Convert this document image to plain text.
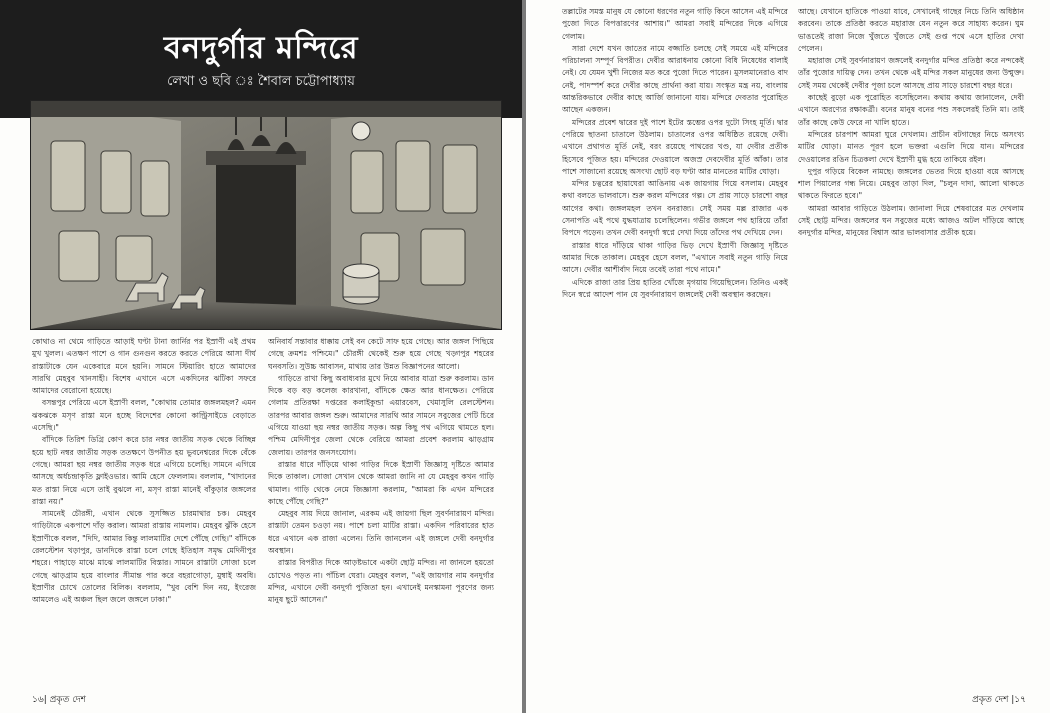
বনদুর্গার মন্দিরে
লেখা ও ছবি ঃ শৈবাল চট্টোপাধ্যায়

কোথাও না থেমে গাড়িতে আড়াই ঘণ্টা টানা জার্নির পর ইস্রাণী এই প্রথম মুখ খুলল। এতক্ষণ পাশে ও গান গুনগুন করতে করতে পেরিয়ে আসা দীর্ঘ রাস্তাটাকে যেন একেবারে মনে হয়নি। সামনে স্টিয়ারিং হাতে আমাদের সারথি মেহবুব খানসাহী। বিশেষ এখানে এসে একদিনের ঝটিকা সফরে আমাদের বেরোনো হয়েছে।

বসন্তপুর পেরিয়ে এসে ইস্রাণী বলল, "কোথায় তোমার জঙ্গলমহল? এমন ঝকঝকে মসৃণ রাস্তা মনে হচ্ছে বিদেশের কোনো কান্ট্রিসাইডে বেড়াতে এসেছি।"

বাঁদিকে তিরিশ ডিগ্রি কোণ করে চার নম্বর জাতীয় সড়ক থেকে বিচ্ছিন্ন হয়ে ছাট নম্বর জাতীয় সড়ক ততক্ষণে উপনীত হয় ভুবনেশ্বরের দিকে বেঁকে গেছে। আমরা ছয় নম্বর জাতীয় সড়ক ধরে এগিয়ে চলেছি। সামনে এগিয়ে আসছে অর্ধচন্দ্রাকৃতি ফ্লাইওভার। আমি হেসে ফেললাম। বললাম, "খাদানের মত রাস্তা নিয়ে এসে তাই বুঝলে না, মসৃণ রাস্তা মানেই বাঁকুড়ার জঙ্গলের রাস্তা নয়।"

সামনেই চৌরঙ্গী, এখান থেকে সুসজ্জিত চারমাথার চক। মেহবুব গাড়িটাকে একপাশে দাঁড় করাল। আমরা রাস্তায় নামলাম। মেহবুব ঝুঁকি হেসে ইস্রাণীকে বলল, "দিদি, আমার কিন্তু লালমাটির দেশে পৌঁছে গেছি।" বাঁদিকে রেলস্টেশন খড়াপুর, ডানদিকে রাস্তা চলে গেছে ইতিহাস সমৃদ্ধ মেদিনীপুর শহরে। পাহাড়ে মাঝে মাঝে লালমাটির বিস্তার। সামনে রাস্তাটা সোজা চলে গেছে ঝাড়গ্রাম হয়ে বাংলার সীমান্ত পার করে বহরাগোড়া, মুম্বাই অবধি। ইস্রাণীর চোখে তোলের বিলিক। বললাম, "খুব বেশি দিন নয়, ইংরেজ আমলেও এই অঞ্চল ছিল জলে জঙ্গলে ঢাকা।"

অনিবার্য সন্তাবার ধাক্কায় সেই বন কেটে সাফ হয়ে গেছে। আর জঙ্গল পিছিয়ে গেছে ক্রমশঃ পশ্চিমে।" চৌরঙ্গী থেকেই শুরু হয়ে গেছে খড়্গপুর শহরের ঘনবসতি। সুউচ্চ আবাসন, মাথায় তার উন্নত বিজ্ঞাপনের আলো।

গাড়িতে রাখা কিছু অবাধ্যবার মুখে নিয়ে আবার যাত্রা শুরু করলাম। ডান দিকে বড় বড় কলেজ কারখানা, বাঁদিকে ক্ষেত আর ধানক্ষেত। পেরিয়ে গেলাম প্রতিরক্ষা দপ্তরের কলাইকুন্ডা এয়ারবেস, খেমাসুলি রেলস্টেশন। তারপর আবার জঙ্গল শুরু। আমাদের সারথি আর সামনে সবুজের পেটি চিরে এগিয়ে যাওয়া ছয় নম্বর জাতীয় সড়ক। অল্প কিছু পথ এগিয়ে থামতে হল। পশ্চিম মেদিনীপুর জেলা থেকে বেরিয়ে আমরা প্রবেশ করলাম ঝাড়গ্রাম জেলায়। তারপর জনসংযোগ।

রাস্তার ধারে দাঁড়িয়ে থাকা গাড়ির দিকে ইস্রাণী জিজ্ঞাসু দৃষ্টিতে আমার দিকে তাকাল। সোজা সেখান থেকে আমরা জানি না যে মেহবুব কখন গাড়ি থামাল। গাড়ি থেকে নেমে জিজ্ঞাসা করলাম, "আমরা কি এখন মন্দিরের কাছে পৌঁছে গেছি?"

মেহবুব সায় দিয়ে জানাল, এরকম এই জায়গা ছিল সুবর্ণনারায়ণ মন্দির। রাস্তাটা তেমন চওড়া নয়। পাশে চলা মাটির রাস্তা। একদিন পরিবারের হাত ধরে এখানে এক রাজা এলেন। তিনি জানলেন এই জঙ্গলে দেবী বনদুর্গার অবস্থান।

রাস্তার বিপরীত দিকে আড়ষ্টভাবে একটা ছোট্ট মন্দির। না জানলে হয়তো চোখেও পড়ত না। পাঁচিল ঘেরা। মেহবুব বলল, "এই জায়গার নাম বনদুর্গার মন্দির, এখানে দেবী বনদুর্গা পুজিতা হন। এখানেই মনস্কামনা পূরণের জন্য মানুষ ছুটে আসেন।"

১৬| প্রকৃত দেশ

তল্লাটের সমস্ত মানুষ যে কোনো ধরণের নতুন গাড়ি কিনে আসেন এই মন্দিরে পুজো দিতে বিপত্তারণের আশায়।" আমরা সবাই মন্দিরের দিকে এগিয়ে গেলাম।

সারা দেশে যখন জাতের নামে বজ্জাতি চলছে সেই সময়ে এই মন্দিরের পরিচালনা সম্পূর্ণ বিপরীত। দেবীর আরাধনায় কোনো বিধি নিষেধের বালাই নেই। যে যেমন খুশী নিজের মত করে পুজো দিতে পারেন। মুসলমানেরাও বাদ নেই, পাদস্পর্শ করে দেবীর কাছে প্রার্থনা করা যায়। সংস্কৃত মন্ত্র নয়, বাংলায় আন্তরিকভাবে দেবীর কাছে আর্জি জানানো যায়। মন্দিরে দেবতার পুরোহিত আছেন একজন।

মন্দিরের প্রবেশ দ্বারের দুই পাশে ইটের স্তম্ভের ওপর দুটো সিংহ মূর্তি। দ্বার পেরিয়ে ছাতনা চাতালে উঠলাম। চাতালের ওপর অধিষ্ঠিত রয়েছে দেবী। এখানে প্রথাগত মূর্তি নেই, বরং রয়েছে পাথরের খণ্ড, যা দেবীর প্রতীক হিসেবে পূজিত হয়। মন্দিরের দেওয়ালে অজস্র দেবদেবীর মূর্তি আঁকা। তার পাশে সাজানো রয়েছে অসংখ্য ছোট বড় ঘণ্টা আর মানতের মাটির ঘোড়া।

মন্দির চত্বরের ছায়াঘেরা আঙিনায় এক জায়গায় গিয়ে বসলাম। মেহবুব কথা বলতে ভালবাসে। শুরু করল মন্দিরের গল্প। সে প্রায় সাড়ে চারশো বছর আগের কথা। জঙ্গলমহল তখন বনরাজ্য। সেই সময় মল্ল রাজার এক সেনাপতি এই পথে যুদ্ধযাত্রায় চলেছিলেন। গভীর জঙ্গলে পথ হারিয়ে তাঁরা বিপদে পড়েন। তখন দেবী বনদুর্গা স্বপ্নে দেখা দিয়ে তাঁদের পথ দেখিয়ে দেন।

রাস্তার ধারে দাঁড়িয়ে থাকা গাড়ির ভিড় দেখে ইস্রাণী জিজ্ঞাসু দৃষ্টিতে আমার দিকে তাকাল। মেহবুব হেসে বলল, "এখানে সবাই নতুন গাড়ি নিয়ে আসে। দেবীর আশীর্বাদ নিয়ে তবেই তারা পথে নামে।"

এদিকে রাজা তার প্রিয় হাতির খোঁজে মৃগয়ায় গিয়েছিলেন। তিনিও একই দিনে স্বপ্নে আদেশ পান যে সুবর্ণনারায়ণ জঙ্গলেই দেবী অবস্থান করছেন।

আছে। যেখানে হাতিকে পাওয়া যাবে, সেখানেই গাছের নিচে তিনি অধিষ্ঠান করবেন। তাকে প্রতিষ্ঠা করতে মহারাজ যেন নতুন করে সাহায্য করেন। ঘুম ভাঙতেই রাজা নিজে খুঁজতে খুঁজতে সেই গুপ্ত পথে এসে হাতির দেখা পেলেন।

মহারাজ সেই সুবর্ণনারায়ণ জঙ্গলেই বনদুর্গার মন্দির প্রতিষ্ঠা করে নন্দকেই তাঁর পুজোর দায়িত্ব দেন। তখন থেকে এই মন্দির সকল মানুষের জন্য উন্মুক্ত। সেই সময় থেকেই দেবীর পূজা চলে আসছে প্রায় সাড়ে চারশো বছর ধরে।

কাছেই বুড়ো এক পুরোহিত বসেছিলেন। কথায় কথায় জানালেন, দেবী এখানে অরণ্যের রক্ষাকর্ত্রী। বনের মানুষ বনের পশু সকলেরই তিনি মা। তাই তাঁর কাছে কেউ ফেরে না খালি হাতে।

মন্দিরের চারপাশ আমরা ঘুরে দেখলাম। প্রাচীন বটগাছের নিচে অসংখ্য মাটির ঘোড়া। মানত পূরণ হলে ভক্তরা এগুলি দিয়ে যান। মন্দিরের দেওয়ালের রঙিন চিত্রকলা দেখে ইস্রাণী মুগ্ধ হয়ে তাকিয়ে রইল।

দুপুর গড়িয়ে বিকেল নামছে। জঙ্গলের ভেতর দিয়ে হাওয়া বয়ে আসছে শাল পিয়ালের গন্ধ নিয়ে। মেহবুব তাড়া দিল, "চলুন দাদা, আলো থাকতে থাকতে ফিরতে হবে।"

আমরা আবার গাড়িতে উঠলাম। জানালা দিয়ে শেষবারের মত দেখলাম সেই ছোট্ট মন্দির। জঙ্গলের ঘন সবুজের মধ্যে আজও অটল দাঁড়িয়ে আছে বনদুর্গার মন্দির, মানুষের বিশ্বাস আর ভালবাসার প্রতীক হয়ে।

প্রকৃত দেশ |১৭
